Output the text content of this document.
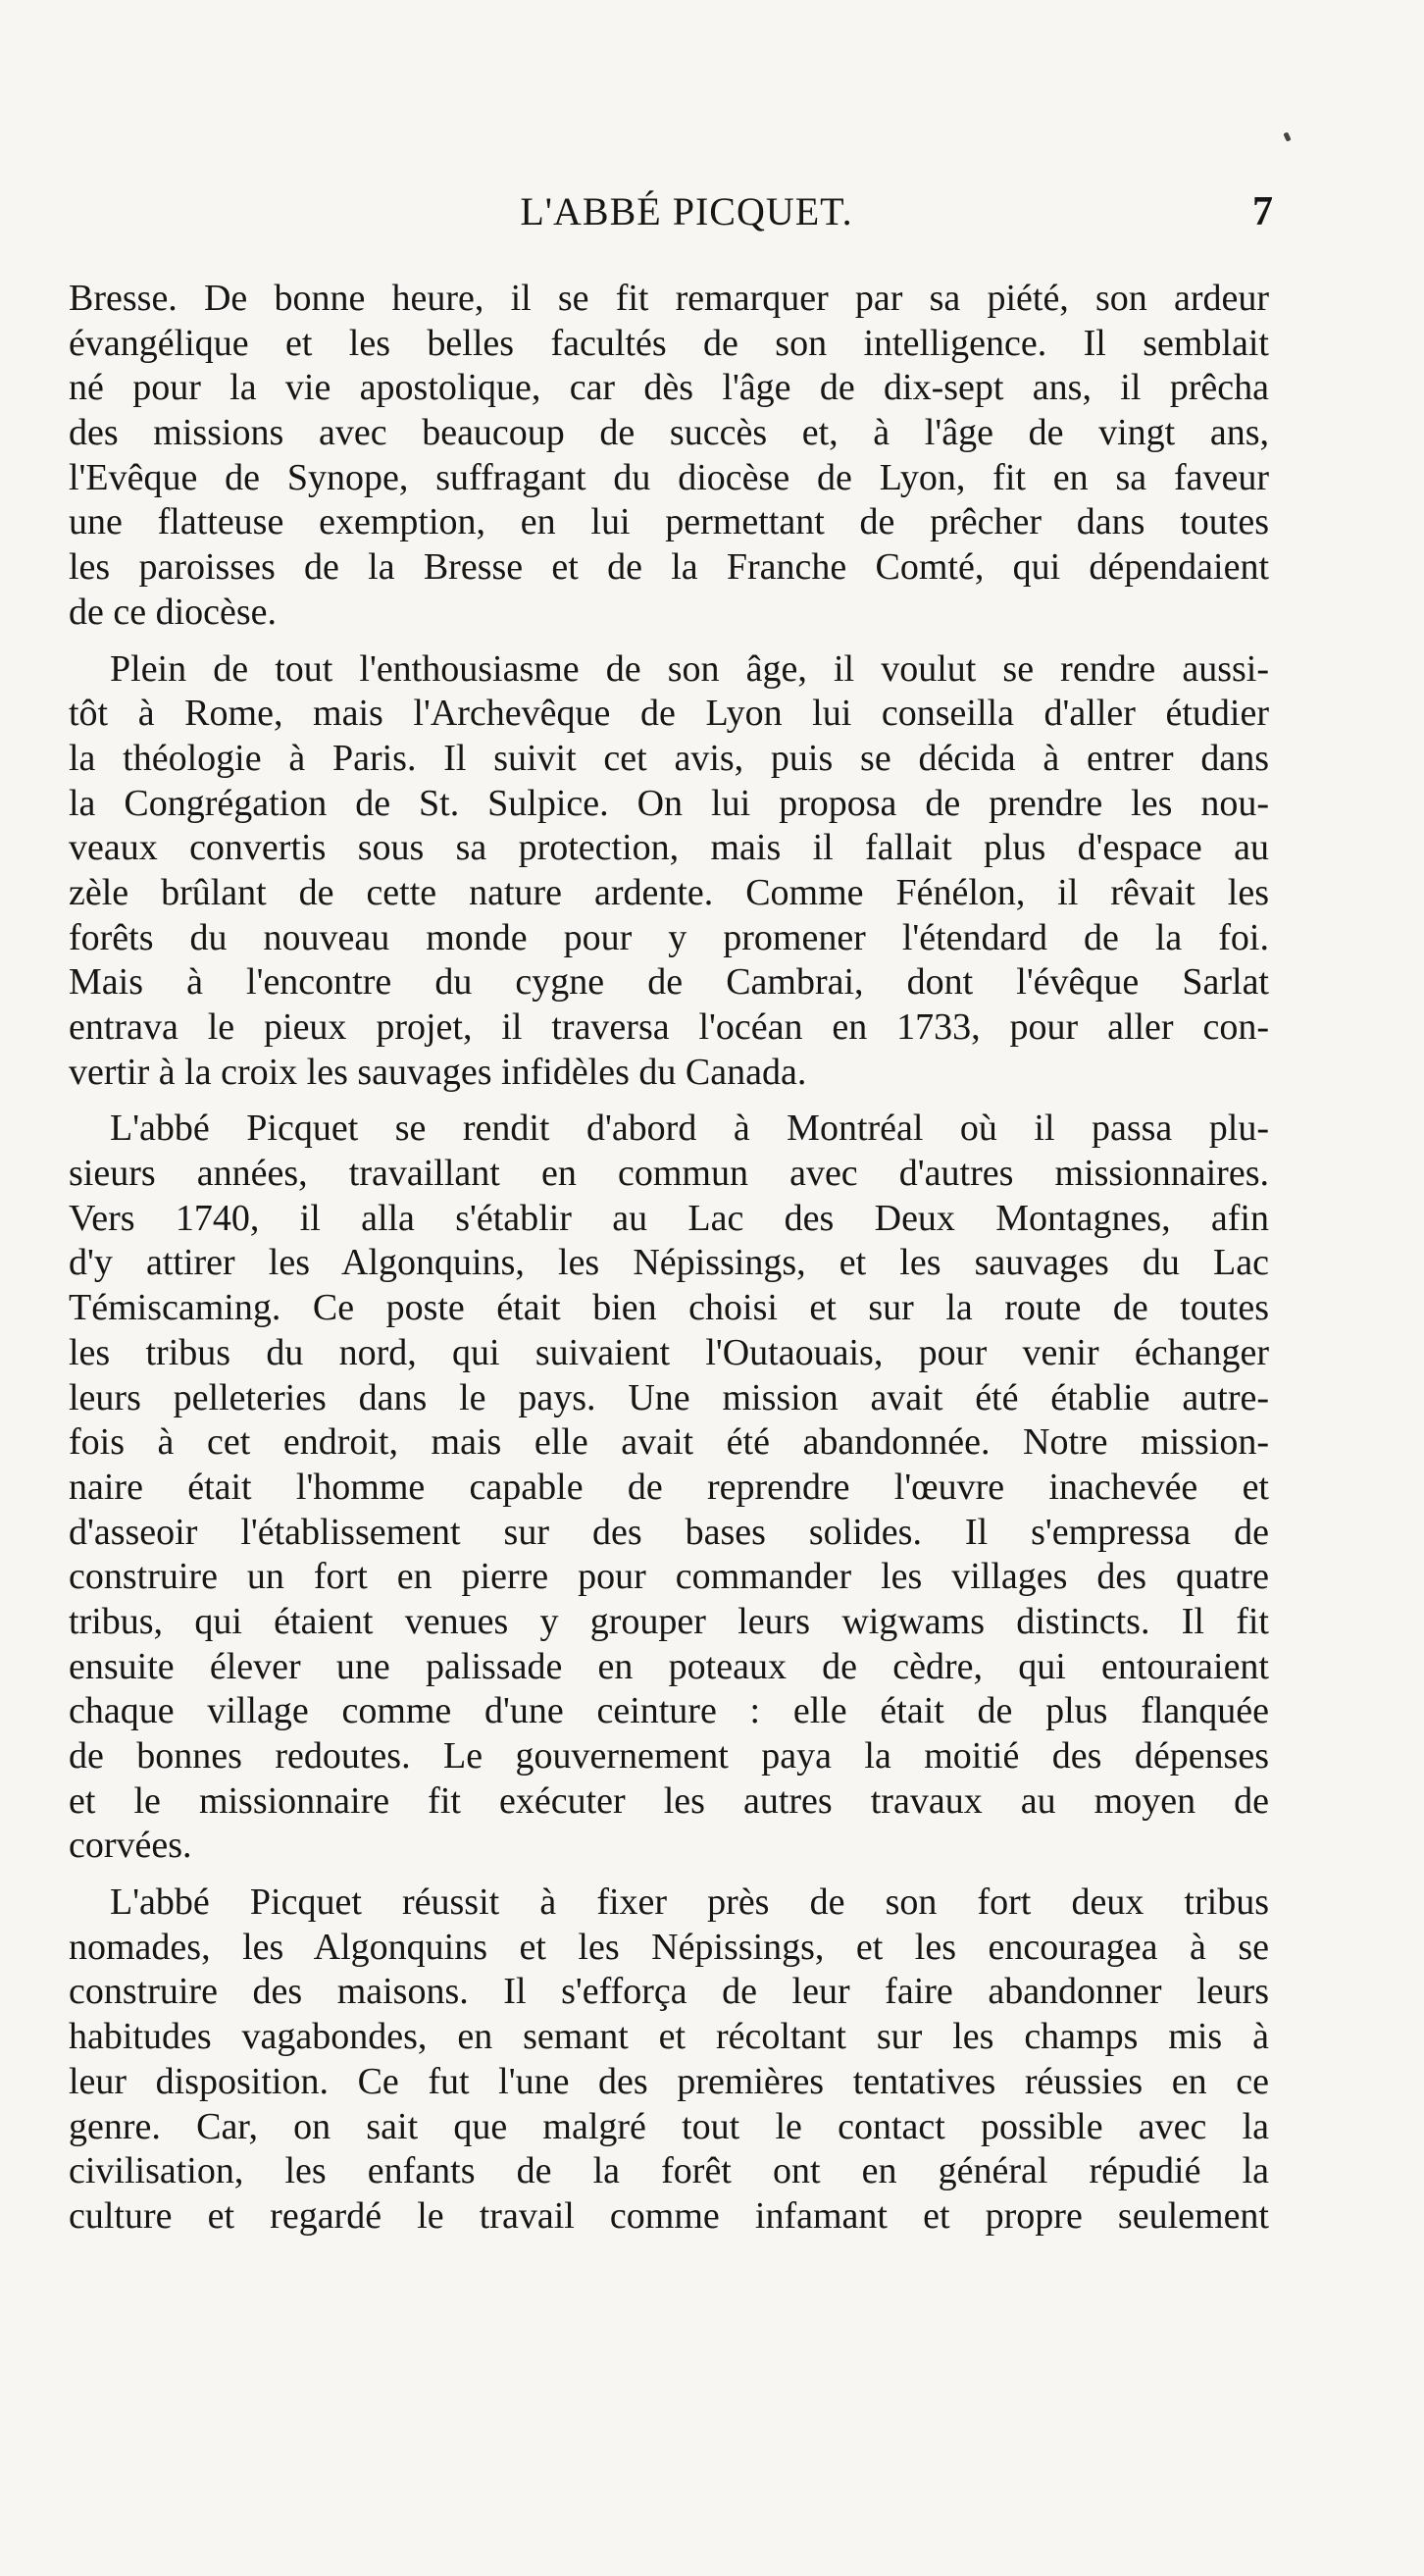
L'ABBÉ PICQUET.	7
Bresse. De bonne heure, il se fit remarquer par sa piété, son ardeur
évangélique et les belles facultés de son intelligence. Il semblait
né pour la vie apostolique, car dès l'âge de dix-sept ans, il prêcha
des missions avec beaucoup de succès et, à l'âge de vingt ans,
l'Evêque de Synope, suffragant du diocèse de Lyon, fit en sa faveur
une flatteuse exemption, en lui permettant de prêcher dans toutes
les paroisses de la Bresse et de la Franche Comté, qui dépendaient
de ce diocèse.
Plein de tout l'enthousiasme de son âge, il voulut se rendre aussi-
tôt à Rome, mais l'Archevêque de Lyon lui conseilla d'aller étudier
la théologie à Paris. Il suivit cet avis, puis se décida à entrer dans
la Congrégation de St. Sulpice. On lui proposa de prendre les nou-
veaux convertis sous sa protection, mais il fallait plus d'espace au
zèle brûlant de cette nature ardente. Comme Fénélon, il rêvait les
forêts du nouveau monde pour y promener l'étendard de la foi.
Mais à l'encontre du cygne de Cambrai, dont l'évêque Sarlat
entrava le pieux projet, il traversa l'océan en 1733, pour aller con-
vertir à la croix les sauvages infidèles du Canada.
L'abbé Picquet se rendit d'abord à Montréal où il passa plu-
sieurs années, travaillant en commun avec d'autres missionnaires.
Vers 1740, il alla s'établir au Lac des Deux Montagnes, afin
d'y attirer les Algonquins, les Népissings, et les sauvages du Lac
Témiscaming. Ce poste était bien choisi et sur la route de toutes
les tribus du nord, qui suivaient l'Outaouais, pour venir échanger
leurs pelleteries dans le pays. Une mission avait été établie autre-
fois à cet endroit, mais elle avait été abandonnée. Notre mission-
naire était l'homme capable de reprendre l'œuvre inachevée et
d'asseoir l'établissement sur des bases solides. Il s'empressa de
construire un fort en pierre pour commander les villages des quatre
tribus, qui étaient venues y grouper leurs wigwams distincts. Il fit
ensuite élever une palissade en poteaux de cèdre, qui entouraient
chaque village comme d'une ceinture : elle était de plus flanquée
de bonnes redoutes. Le gouvernement paya la moitié des dépenses
et le missionnaire fit exécuter les autres travaux au moyen de
corvées.
L'abbé Picquet réussit à fixer près de son fort deux tribus
nomades, les Algonquins et les Népissings, et les encouragea à se
construire des maisons. Il s'efforça de leur faire abandonner leurs
habitudes vagabondes, en semant et récoltant sur les champs mis à
leur disposition. Ce fut l'une des premières tentatives réussies en ce
genre. Car, on sait que malgré tout le contact possible avec la
civilisation, les enfants de la forêt ont en général répudié la
culture et regardé le travail comme infamant et propre seulement
